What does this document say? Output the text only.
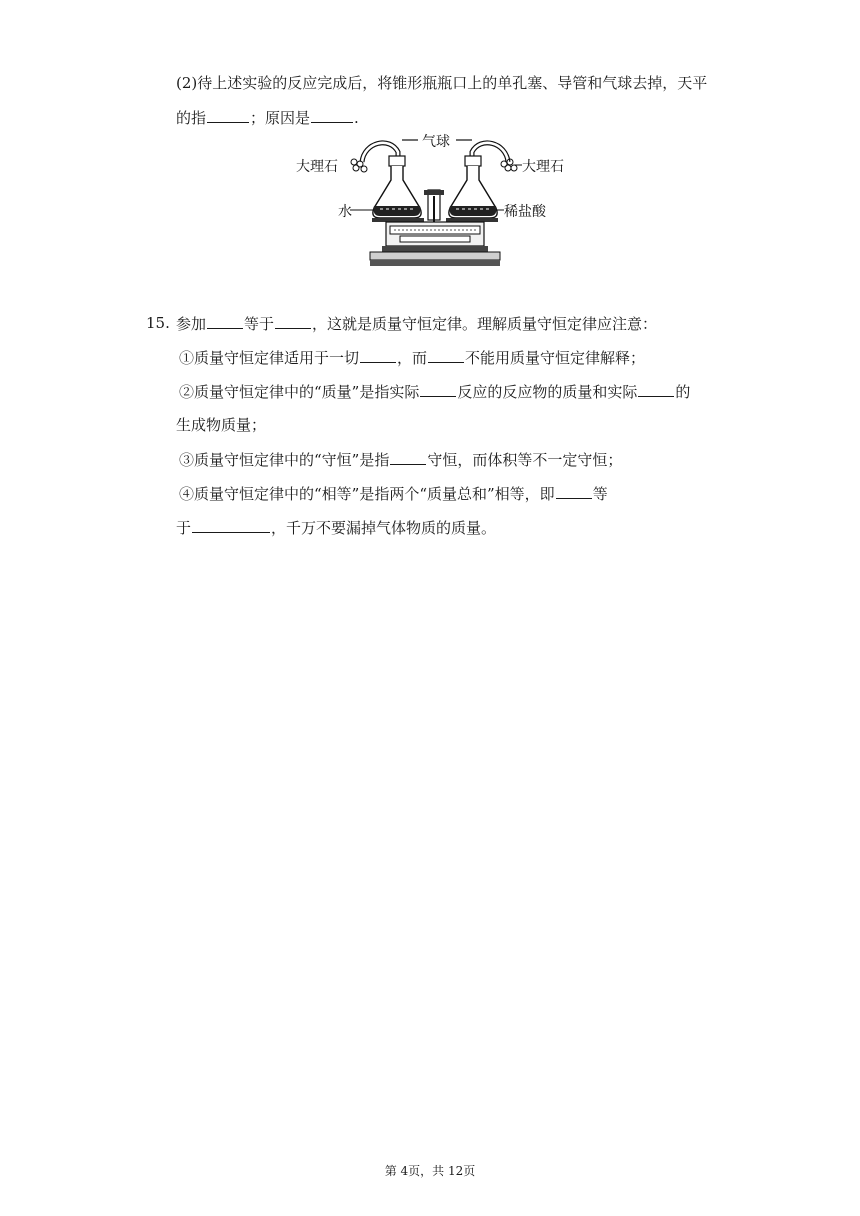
(2)待上述实验的反应完成后，将锥形瓶瓶口上的单孔塞、导管和气球去掉，天平
的指	；原因是	.
气球
大理石	大理石
水	稀盐酸
15. 参加	等于	，这就是质量守恒定律。理解质量守恒定律应注意：
①质量守恒定律适用于一切	，而	不能用质量守恒定律解释；
②质量守恒定律中的“质量”是指实际	反应的反应物的质量和实际	的
生成物质量；
③质量守恒定律中的“守恒”是指	守恒，而体积等不一定守恒；
④质量守恒定律中的“相等”是指两个“质量总和”相等，即	等
于	，千万不要漏掉气体物质的质量。
第 4页，共 12页
